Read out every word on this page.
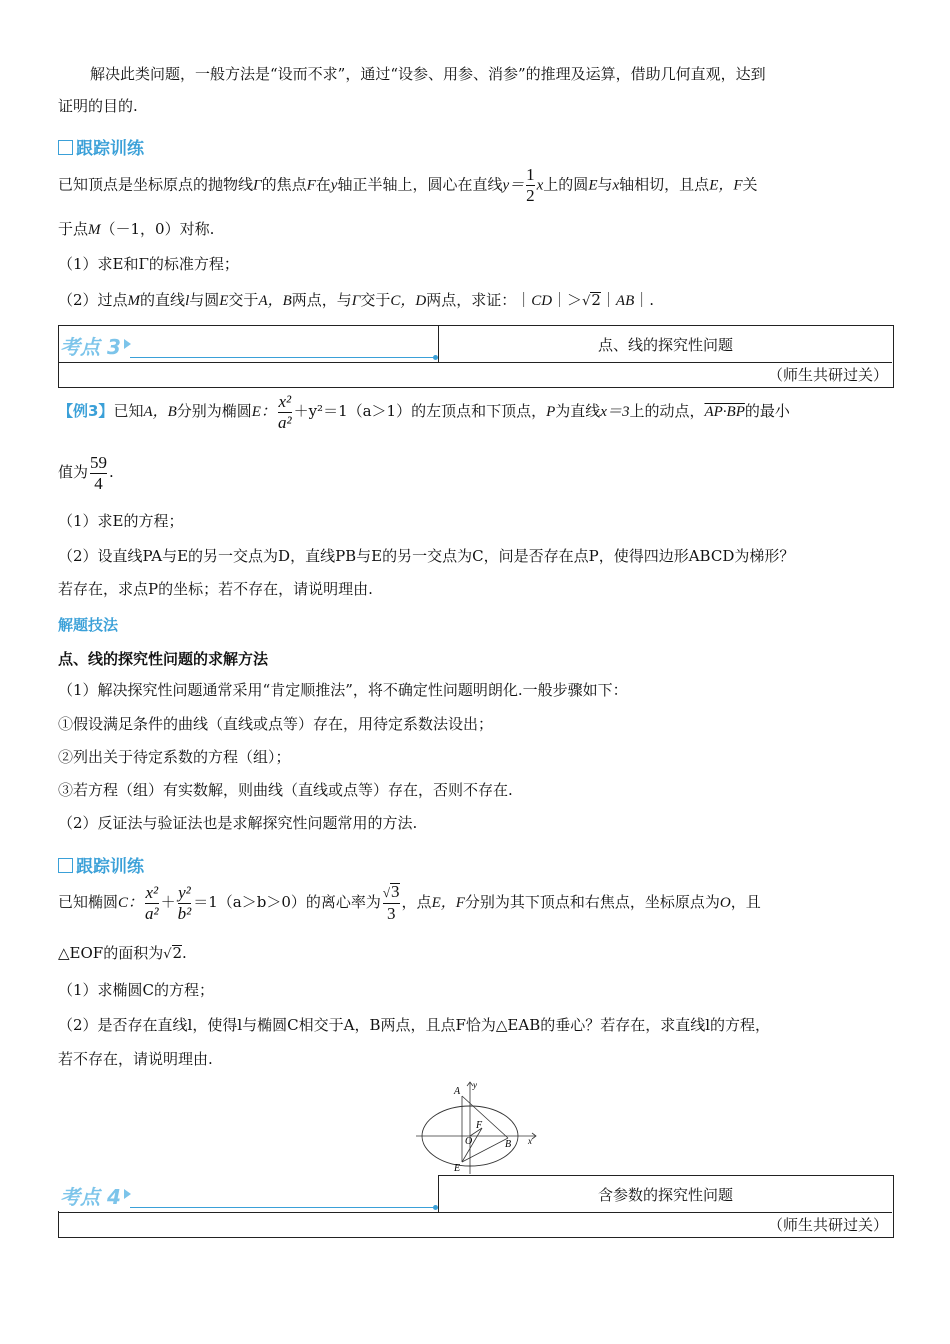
解决此类问题，一般方法是“设而不求”，通过“设参、用参、消参”的推理及运算，借助几何直观，达到
证明的目的.
跟踪训练
已知顶点是坐标原点的抛物线Γ的焦点F在y轴正半轴上，圆心在直线$y= \frac{1}{2}$ x上的圆E与x轴相切，且点E，F关
于点M（－1，0）对称.
（1）求E和Γ的标准方程；
（2）过点M的直线l与圆E交于A，B两点，与Γ交于C，D两点，求证：｜CD｜＞√2｜AB｜.
考点 3	点、线的探究性问题
（师生共研过关）
【例3】已知A，B分别为椭圆E： $\frac{\text{x²}}{\text{a²}} +y^2=1(a>1)$的左顶点和下顶点，P为直线x＝3上的动点，AP·BP的最小
值为 $\frac{59}{4}$ .
（1）求E的方程；
（2）设直线PA与E的另一交点为D，直线PB与E的另一交点为C，问是否存在点P，使得四边形ABCD为梯形？
若存在，求点P的坐标；若不存在，请说明理由.
解题技法
点、线的探究性问题的求解方法
（1）解决探究性问题通常采用“肯定顺推法”，将不确定性问题明朗化.一般步骤如下：
①假设满足条件的曲线（直线或点等）存在，用待定系数法设出；
②列出关于待定系数的方程（组）；
③若方程（组）有实数解，则曲线（直线或点等）存在，否则不存在.
（2）反证法与验证法也是求解探究性问题常用的方法.
跟踪训练
已知椭圆C： $\frac{\text{x²}}{\text{a²}} + \frac{\text{y²}}{\text{b²}} =1(a>b>0)$的离心率为 $\frac{√3}{3}$ ，点E，F分别为其下顶点和右焦点，坐标原点为O，且
△EOF的面积为√2.
（1）求椭圆C的方程；
（2）是否存在直线l，使得l与椭圆C相交于A，B两点，且点F恰为△EAB的垂心？若存在，求直线l的方程，
若不存在，请说明理由.
A
y
F
O	B x
E
考点 4	含参数的探究性问题
（师生共研过关）
